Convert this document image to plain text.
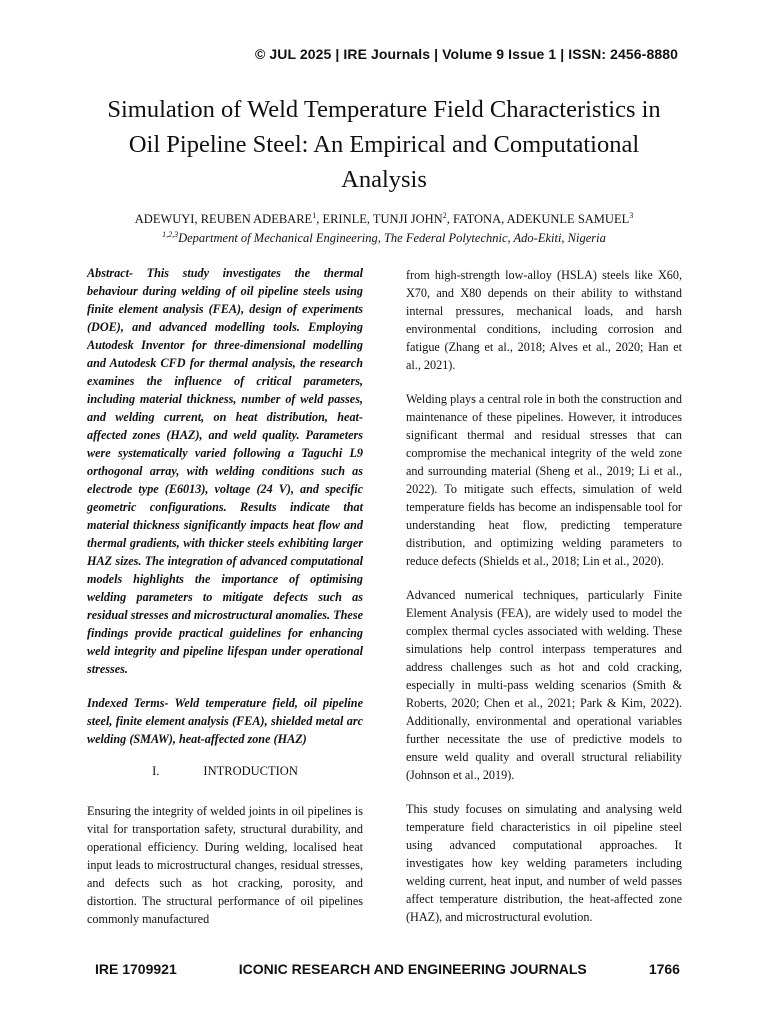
© JUL 2025 | IRE Journals | Volume 9 Issue 1 | ISSN: 2456-8880
Simulation of Weld Temperature Field Characteristics in
Oil Pipeline Steel: An Empirical and Computational
Analysis
ADEWUYI, REUBEN ADEBARE$^1$, ERINLE, TUNJI JOHN$^2$, FATONA, ADEKUNLE SAMUEL$^3$
$^{1,2,3}$Department of Mechanical Engineering, The Federal Polytechnic, Ado-Ekiti, Nigeria

Abstract- This study investigates the thermal behaviour during welding of oil pipeline steels using finite element analysis (FEA), design of experiments (DOE), and advanced modelling tools. Employing Autodesk Inventor for three-dimensional modelling and Autodesk CFD for thermal analysis, the research examines the influence of critical parameters, including material thickness, number of weld passes, and welding current, on heat distribution, heat-affected zones (HAZ), and weld quality. Parameters were systematically varied following a Taguchi L9 orthogonal array, with welding conditions such as electrode type (E6013), voltage (24 V), and specific geometric configurations. Results indicate that material thickness significantly impacts heat flow and thermal gradients, with thicker steels exhibiting larger HAZ sizes. The integration of advanced computational models highlights the importance of optimising welding parameters to mitigate defects such as residual stresses and microstructural anomalies. These findings provide practical guidelines for enhancing weld integrity and pipeline lifespan under operational stresses.

Indexed Terms- Weld temperature field, oil pipeline steel, finite element analysis (FEA), shielded metal arc welding (SMAW), heat-affected zone (HAZ)

I.	INTRODUCTION

Ensuring the integrity of welded joints in oil pipelines is vital for transportation safety, structural durability, and operational efficiency. During welding, localised heat input leads to microstructural changes, residual stresses, and defects such as hot cracking, porosity, and distortion. The structural performance of oil pipelines commonly manufactured

from high-strength low-alloy (HSLA) steels like X60, X70, and X80 depends on their ability to withstand internal pressures, mechanical loads, and harsh environmental conditions, including corrosion and fatigue (Zhang et al., 2018; Alves et al., 2020; Han et al., 2021).

Welding plays a central role in both the construction and maintenance of these pipelines. However, it introduces significant thermal and residual stresses that can compromise the mechanical integrity of the weld zone and surrounding material (Sheng et al., 2019; Li et al., 2022). To mitigate such effects, simulation of weld temperature fields has become an indispensable tool for understanding heat flow, predicting temperature distribution, and optimizing welding parameters to reduce defects (Shields et al., 2018; Lin et al., 2020).

Advanced numerical techniques, particularly Finite Element Analysis (FEA), are widely used to model the complex thermal cycles associated with welding. These simulations help control interpass temperatures and address challenges such as hot and cold cracking, especially in multi-pass welding scenarios (Smith & Roberts, 2020; Chen et al., 2021; Park & Kim, 2022). Additionally, environmental and operational variables further necessitate the use of predictive models to ensure weld quality and overall structural reliability (Johnson et al., 2019).

This study focuses on simulating and analysing weld temperature field characteristics in oil pipeline steel using advanced computational approaches. It investigates how key welding parameters including welding current, heat input, and number of weld passes affect temperature distribution, the heat-affected zone (HAZ), and microstructural evolution.

IRE 1709921	ICONIC RESEARCH AND ENGINEERING JOURNALS	1766
